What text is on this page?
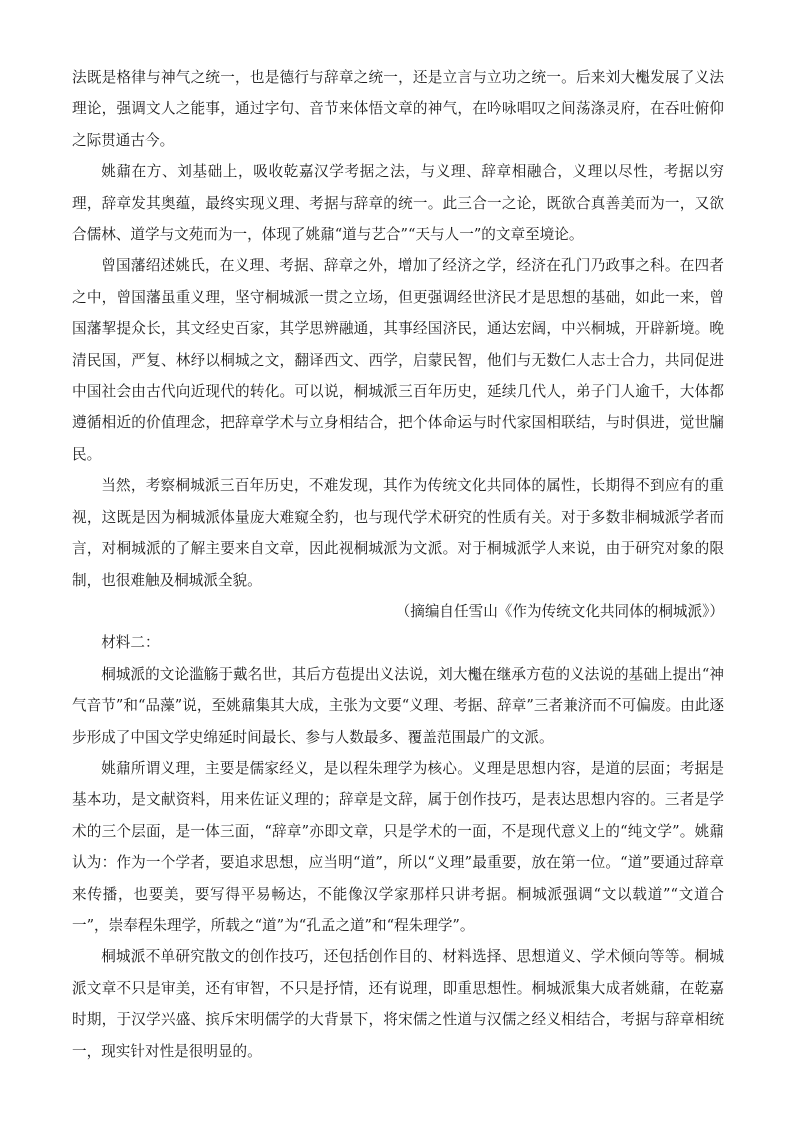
法既是格律与神气之统一，也是德行与辞章之统一，还是立言与立功之统一。后来刘大櫆发展了义法理论，强调文人之能事，通过字句、音节来体悟文章的神气，在吟咏唱叹之间荡涤灵府，在吞吐俯仰之际贯通古今。

姚鼐在方、刘基础上，吸收乾嘉汉学考据之法，与义理、辞章相融合，义理以尽性，考据以穷理，辞章发其奥蕴，最终实现义理、考据与辞章的统一。此三合一之论，既欲合真善美而为一，又欲合儒林、道学与文苑而为一，体现了姚鼐“道与艺合”“天与人一”的文章至境论。

曾国藩绍述姚氏，在义理、考据、辞章之外，增加了经济之学，经济在孔门乃政事之科。在四者之中，曾国藩虽重义理，坚守桐城派一贯之立场，但更强调经世济民才是思想的基础，如此一来，曾国藩挈提众长，其文经史百家，其学思辨融通，其事经国济民，通达宏阔，中兴桐城，开辟新境。晚清民国，严复、林纾以桐城之文，翻译西文、西学，启蒙民智，他们与无数仁人志士合力，共同促进中国社会由古代向近现代的转化。可以说，桐城派三百年历史，延续几代人，弟子门人逾千，大体都遵循相近的价值理念，把辞章学术与立身相结合，把个体命运与时代家国相联结，与时俱进，觉世牖民。

当然，考察桐城派三百年历史，不难发现，其作为传统文化共同体的属性，长期得不到应有的重视，这既是因为桐城派体量庞大难窥全豹，也与现代学术研究的性质有关。对于多数非桐城派学者而言，对桐城派的了解主要来自文章，因此视桐城派为文派。对于桐城派学人来说，由于研究对象的限制，也很难触及桐城派全貌。

（摘编自任雪山《作为传统文化共同体的桐城派》）

材料二：

桐城派的文论滥觞于戴名世，其后方苞提出义法说，刘大櫆在继承方苞的义法说的基础上提出“神气音节”和“品藻”说，至姚鼐集其大成，主张为文要“义理、考据、辞章”三者兼济而不可偏废。由此逐步形成了中国文学史绵延时间最长、参与人数最多、覆盖范围最广的文派。

姚鼐所谓义理，主要是儒家经义，是以程朱理学为核心。义理是思想内容，是道的层面；考据是基本功，是文献资料，用来佐证义理的；辞章是文辞，属于创作技巧，是表达思想内容的。三者是学术的三个层面，是一体三面，“辞章”亦即文章，只是学术的一面，不是现代意义上的“纯文学”。姚鼐认为：作为一个学者，要追求思想，应当明“道”，所以“义理”最重要，放在第一位。“道”要通过辞章来传播，也要美，要写得平易畅达，不能像汉学家那样只讲考据。桐城派强调“文以载道”“文道合一”，崇奉程朱理学，所载之“道”为“孔孟之道”和“程朱理学”。

桐城派不单研究散文的创作技巧，还包括创作目的、材料选择、思想道义、学术倾向等等。桐城派文章不只是审美，还有审智，不只是抒情，还有说理，即重思想性。桐城派集大成者姚鼐，在乾嘉时期，于汉学兴盛、摈斥宋明儒学的大背景下，将宋儒之性道与汉儒之经义相结合，考据与辞章相统一，现实针对性是很明显的。
